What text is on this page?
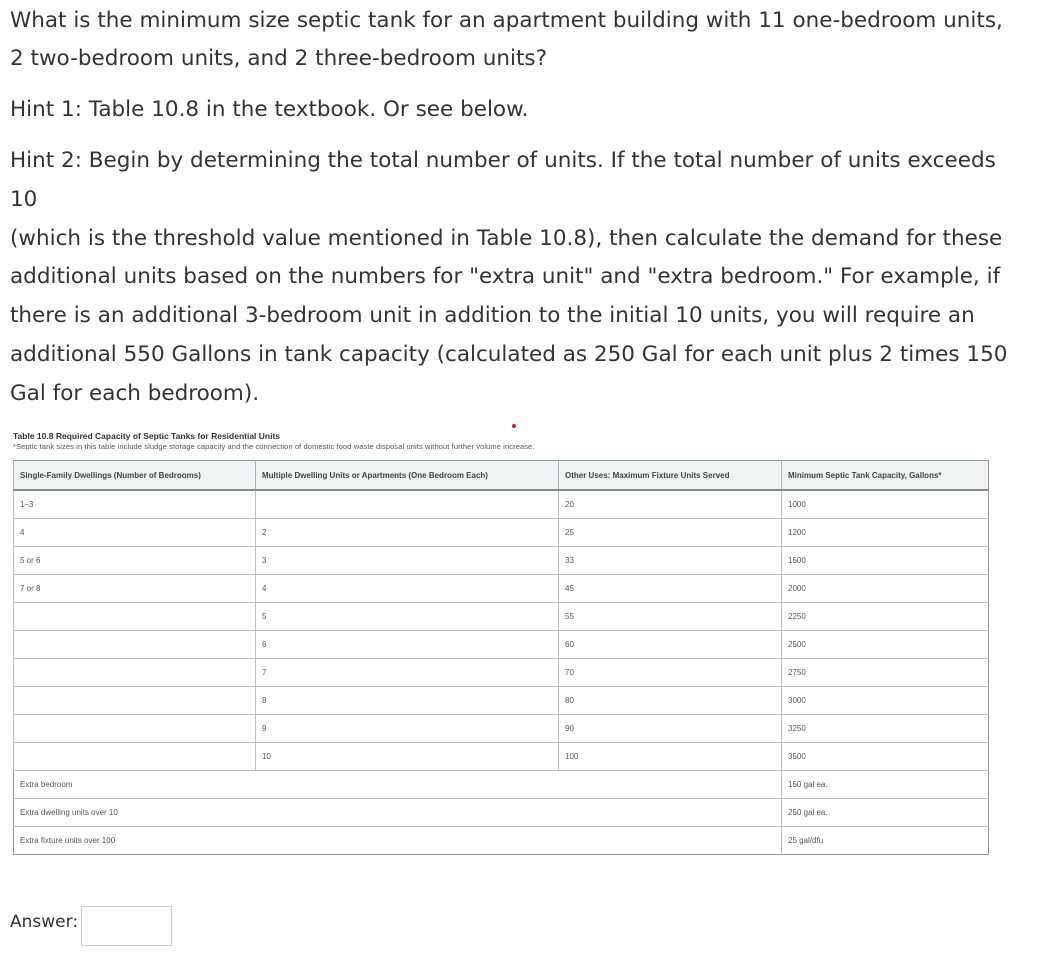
What is the minimum size septic tank for an apartment building with 11 one-bedroom units,
2 two-bedroom units, and 2 three-bedroom units?

Hint 1: Table 10.8 in the textbook. Or see below.

Hint 2: Begin by determining the total number of units. If the total number of units exceeds 10
(which is the threshold value mentioned in Table 10.8), then calculate the demand for these
additional units based on the numbers for "extra unit" and "extra bedroom." For example, if
there is an additional 3-bedroom unit in addition to the initial 10 units, you will require an
additional 550 Gallons in tank capacity (calculated as 250 Gal for each unit plus 2 times 150
Gal for each bedroom).

Table 10.8 Required Capacity of Septic Tanks for Residential Units

*Septic tank sizes in this table include sludge storage capacity and the connection of domestic food waste disposal units without further volume increase.

Single-Family Dwellings (Number of Bedrooms)	Multiple Dwelling Units or Apartments (One Bedroom Each)	Other Uses: Maximum Fixture Units Served	Minimum Septic Tank Capacity, Gallons*
1–3		20	1000
4	2	25	1200
5 or 6	3	33	1500
7 or 8	4	45	2000
	5	55	2250
	6	60	2500
	7	70	2750
	8	80	3000
	9	90	3250
	10	100	3500
Extra bedroom			150 gal ea.
Extra dwelling units over 10			250 gal ea.
Extra fixture units over 100			25 gal/dfu
Answer:
